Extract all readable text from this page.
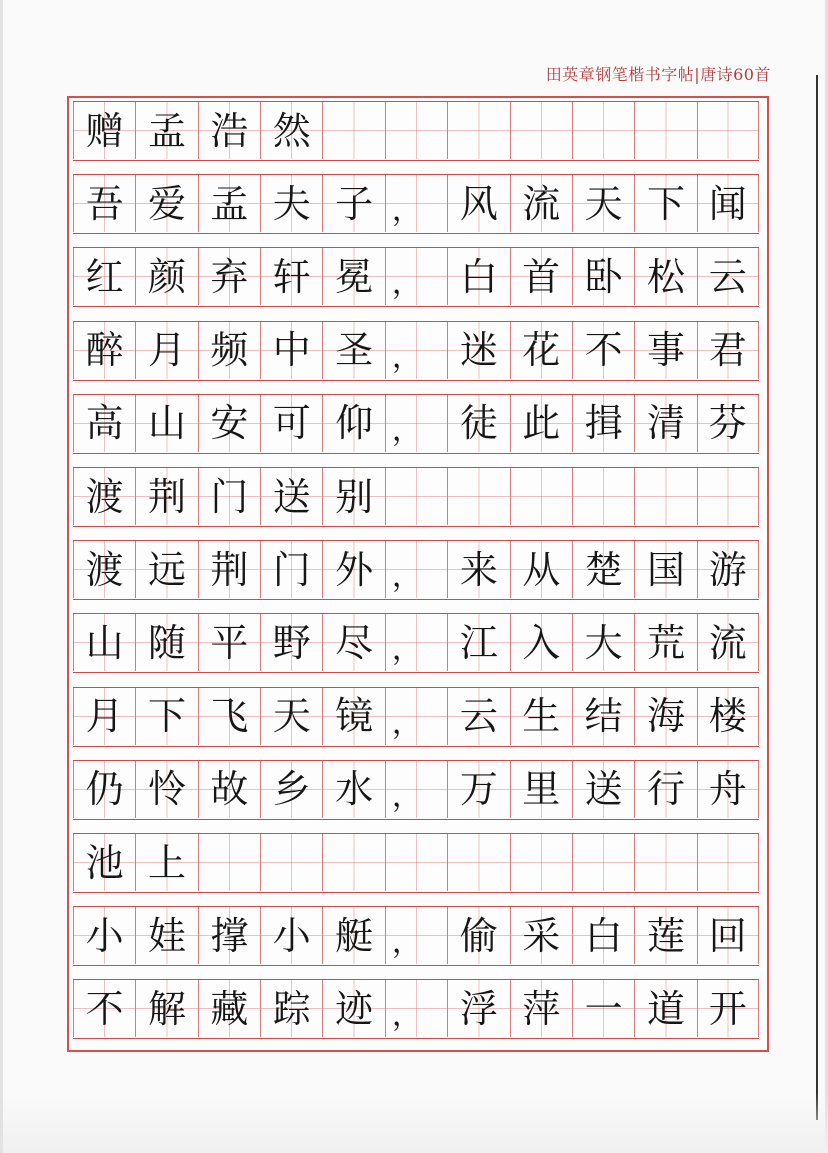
田英章钢笔楷书字帖|唐诗60首
赠 孟 浩 然
吾 爱 孟 夫 子 ，	风 流 天 下 闻
红 颜 弃 轩 冕 ，	白 首 卧 松 云
醉 月 频 中 圣 ，	迷 花 不 事 君
高 山 安 可 仰 ，	徒 此 揖 清 芬
渡 荆 门 送 别
渡 远 荆 门 外 ，	来 从 楚 国 游
山 随 平 野 尽 ，	江 入 大 荒 流
月 下 飞 天 镜 ，	云 生 结 海 楼
仍 怜 故 乡 水 ，	万 里 送 行 舟
池 上
小 娃 撑 小 艇 ，	偷 采 白 莲 回
不 解 藏 踪 迹 ，	浮 萍 一 道 开
